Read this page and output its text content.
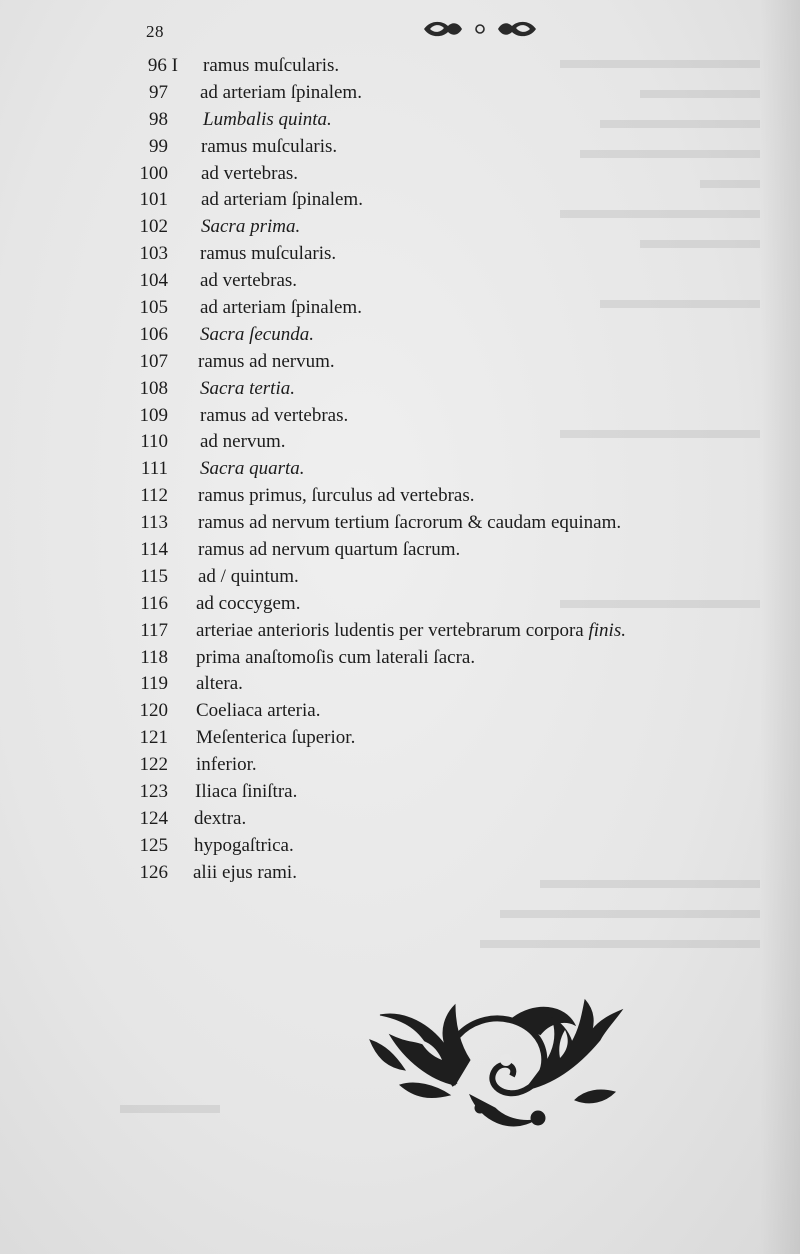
28
96 I ramus muſcularis.
97 ad arteriam ſpinalem.
98 Lumbalis quinta.
99 ramus muſcularis.
100 ad vertebras.
101 ad arteriam ſpinalem.
102 Sacra prima.
103 ramus muſcularis.
104 ad vertebras.
105 ad arteriam ſpinalem.
106 Sacra ſecunda.
107 ramus ad nervum.
108 Sacra tertia.
109 ramus ad vertebras.
110 ad nervum.
111 Sacra quarta.
112 ramus primus, ſurculus ad vertebras.
113 ramus ad nervum tertium ſacrorum & caudam equinam.
114 ramus ad nervum quartum ſacrum.
115 ad / quintum.
116 ad coccygem.
117 arteriae anterioris ludentis per vertebrarum corpora finis.
118 prima anaſtomoſis cum laterali ſacra.
119 altera.
120 Coeliaca arteria.
121 Meſenterica ſuperior.
122 inferior.
123 Iliaca ſiniſtra.
124 dextra.
125 hypogaſtrica.
126 alii ejus rami.
